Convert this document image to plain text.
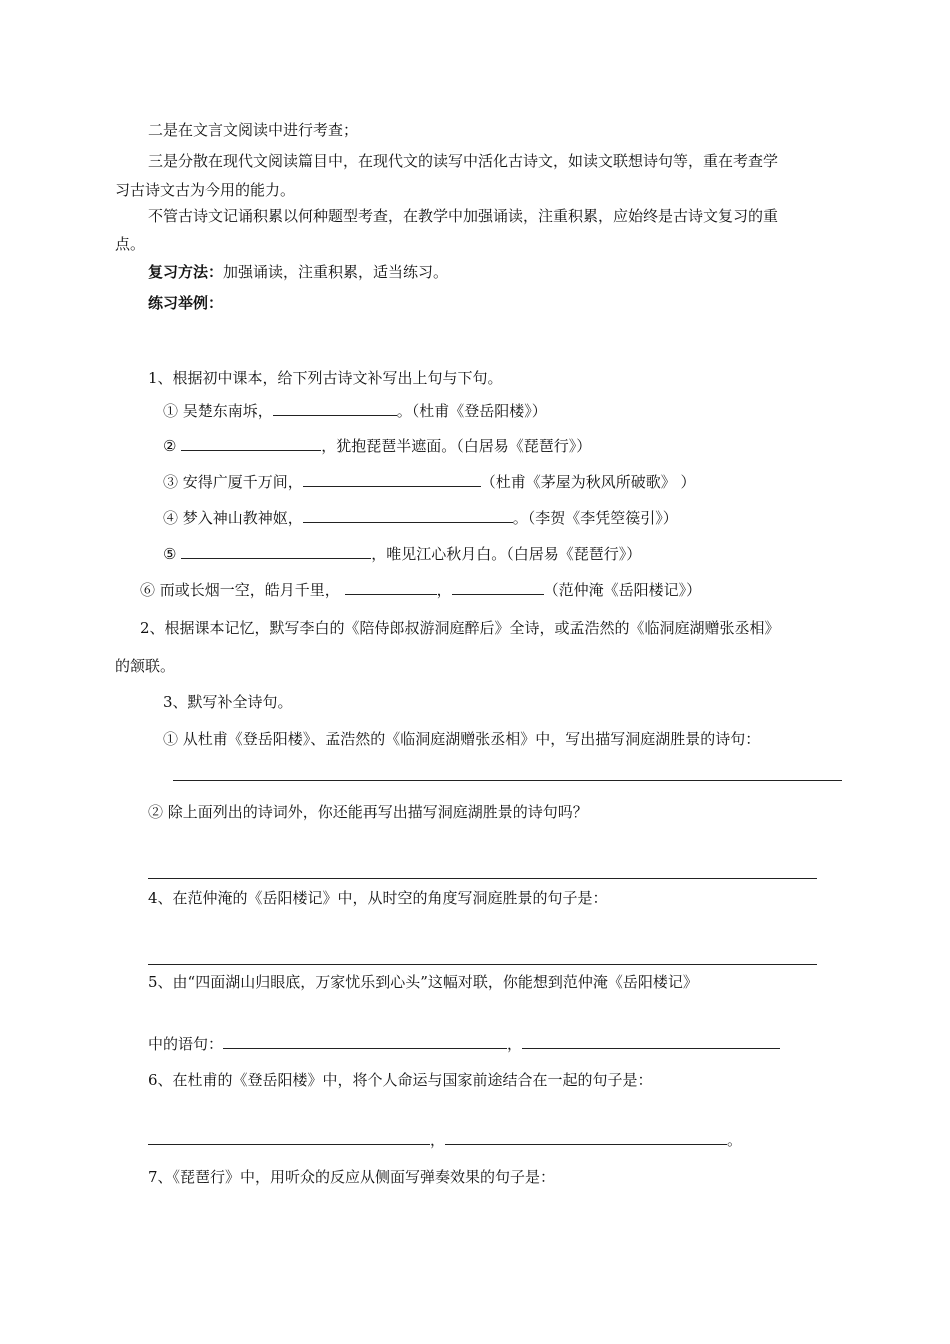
二是在文言文阅读中进行考查；
三是分散在现代文阅读篇目中，在现代文的读写中活化古诗文，如读文联想诗句等，重在考查学
习古诗文古为今用的能力。
不管古诗文记诵积累以何种题型考查，在教学中加强诵读，注重积累，应始终是古诗文复习的重
点。
复习方法：加强诵读，注重积累，适当练习。
练习举例：
1、根据初中课本，给下列古诗文补写出上句与下句。
① 吴楚东南坼，	。（杜甫《登岳阳楼》）
②	，犹抱琵琶半遮面。（白居易《琵琶行》）
③ 安得广厦千万间，	（杜甫《茅屋为秋风所破歌》 ）
④ 梦入神山教神妪，	。（李贺《李凭箜篌引》）
⑤	，唯见江心秋月白。（白居易《琵琶行》）
⑥ 而或长烟一空，皓月千里，	，	（范仲淹《岳阳楼记》）
2、根据课本记忆，默写李白的《陪侍郎叔游洞庭醉后》全诗，或孟浩然的《临洞庭湖赠张丞相》
的颔联。
3、默写补全诗句。
① 从杜甫《登岳阳楼》、孟浩然的《临洞庭湖赠张丞相》中，写出描写洞庭湖胜景的诗句：
② 除上面列出的诗词外，你还能再写出描写洞庭湖胜景的诗句吗？
4、在范仲淹的《岳阳楼记》中，从时空的角度写洞庭胜景的句子是：
5、由“四面湖山归眼底，万家忧乐到心头”这幅对联，你能想到范仲淹《岳阳楼记》
中的语句：	，
6、在杜甫的《登岳阳楼》中，将个人命运与国家前途结合在一起的句子是：
，	。
7、《琵琶行》中，用听众的反应从侧面写弹奏效果的句子是：
